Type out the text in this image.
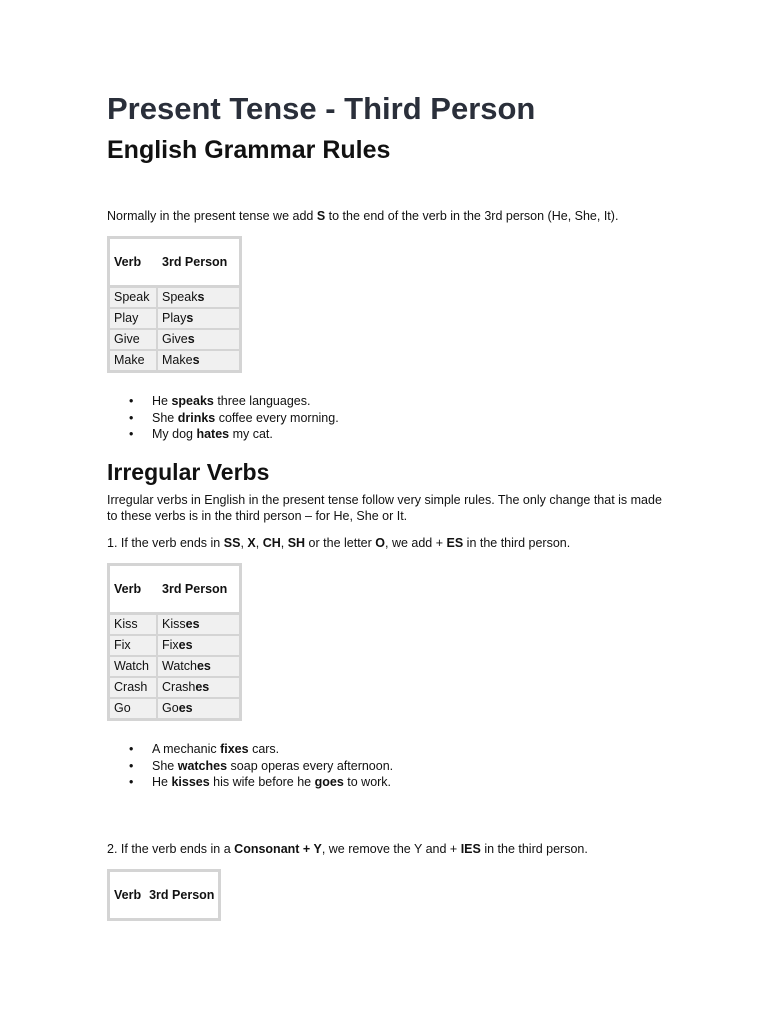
Present Tense - Third Person
English Grammar Rules

Normally in the present tense we add S to the end of the verb in the 3rd person (He, She, It).

Verb	3rd Person
Speak	Speaks
Play	Plays
Give	Gives
Make	Makes
• He speaks three languages.
• She drinks coffee every morning.
• My dog hates my cat.
Irregular Verbs

Irregular verbs in English in the present tense follow very simple rules. The only change that is made to these verbs is in the third person – for He, She or It.

1. If the verb ends in SS, X, CH, SH or the letter O, we add + ES in the third person.

Verb	3rd Person
Kiss	Kisses
Fix	Fixes
Watch	Watches
Crash	Crashes
Go	Goes
• A mechanic fixes cars.
• She watches soap operas every afternoon.
• He kisses his wife before he goes to work.

2. If the verb ends in a Consonant + Y, we remove the Y and + IES in the third person.

Verb	3rd Person
